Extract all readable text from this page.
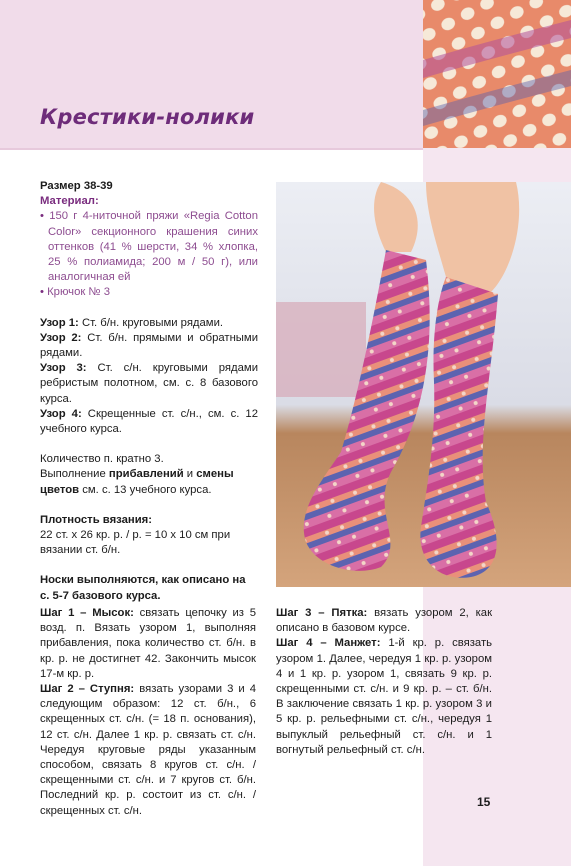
Крестики-нолики

Размер 38-39

Материал:

• 150 г 4-ниточной пряжи «Regia Cotton Color» секционного крашения синих оттенков (41 % шерсти, 34 % хлопка, 25 % полиамида; 200 м / 50 г), или аналогичная ей
• Крючок № 3

Узор 1: Ст. б/н. круговыми рядами.

Узор 2: Ст. б/н. прямыми и обратными рядами.

Узор 3: Ст. с/н. круговыми рядами ребристым полотном, см. с. 8 базового курса.

Узор 4: Скрещенные ст. с/н., см. с. 12 учебного курса.

Количество п. кратно 3.

Выполнение прибавлений и смены цветов см. с. 13 учебного курса.

Плотность вязания:

22 ст. х 26 кр. р. / р. = 10 х 10 см при вязании ст. б/н.

Носки выполняются, как описано на с. 5-7 базового курса.

Шаг 1 – Мысок: связать цепочку из 5 возд. п. Вязать узором 1, выполняя прибавления, пока количество ст. б/н. в кр. р. не достигнет 42. Закончить мысок 17-м кр. р.

Шаг 2 – Ступня: вязать узорами 3 и 4 следующим образом: 12 ст. б/н., 6 скрещенных ст. с/н. (= 18 п. основания), 12 ст. с/н. Далее 1 кр. р. связать ст. с/н. Чередуя круговые ряды указанным способом, связать 8 кругов ст. с/н. / скрещенными ст. с/н. и 7 кругов ст. б/н. Последний кр. р. состоит из ст. с/н. / скрещенных ст. с/н.

Шаг 3 – Пятка: вязать узором 2, как описано в базовом курсе.

Шаг 4 – Манжет: 1-й кр. р. связать узором 1. Далее, чередуя 1 кр. р. узором 4 и 1 кр. р. узором 1, связать 9 кр. р. скрещенными ст. с/н. и 9 кр. р. – ст. б/н. В заключение связать 1 кр. р. узором 3 и 5 кр. р. рельефными ст. с/н., чередуя 1 выпуклый рельефный ст. с/н. и 1 вогнутый рельефный ст. с/н.

15
